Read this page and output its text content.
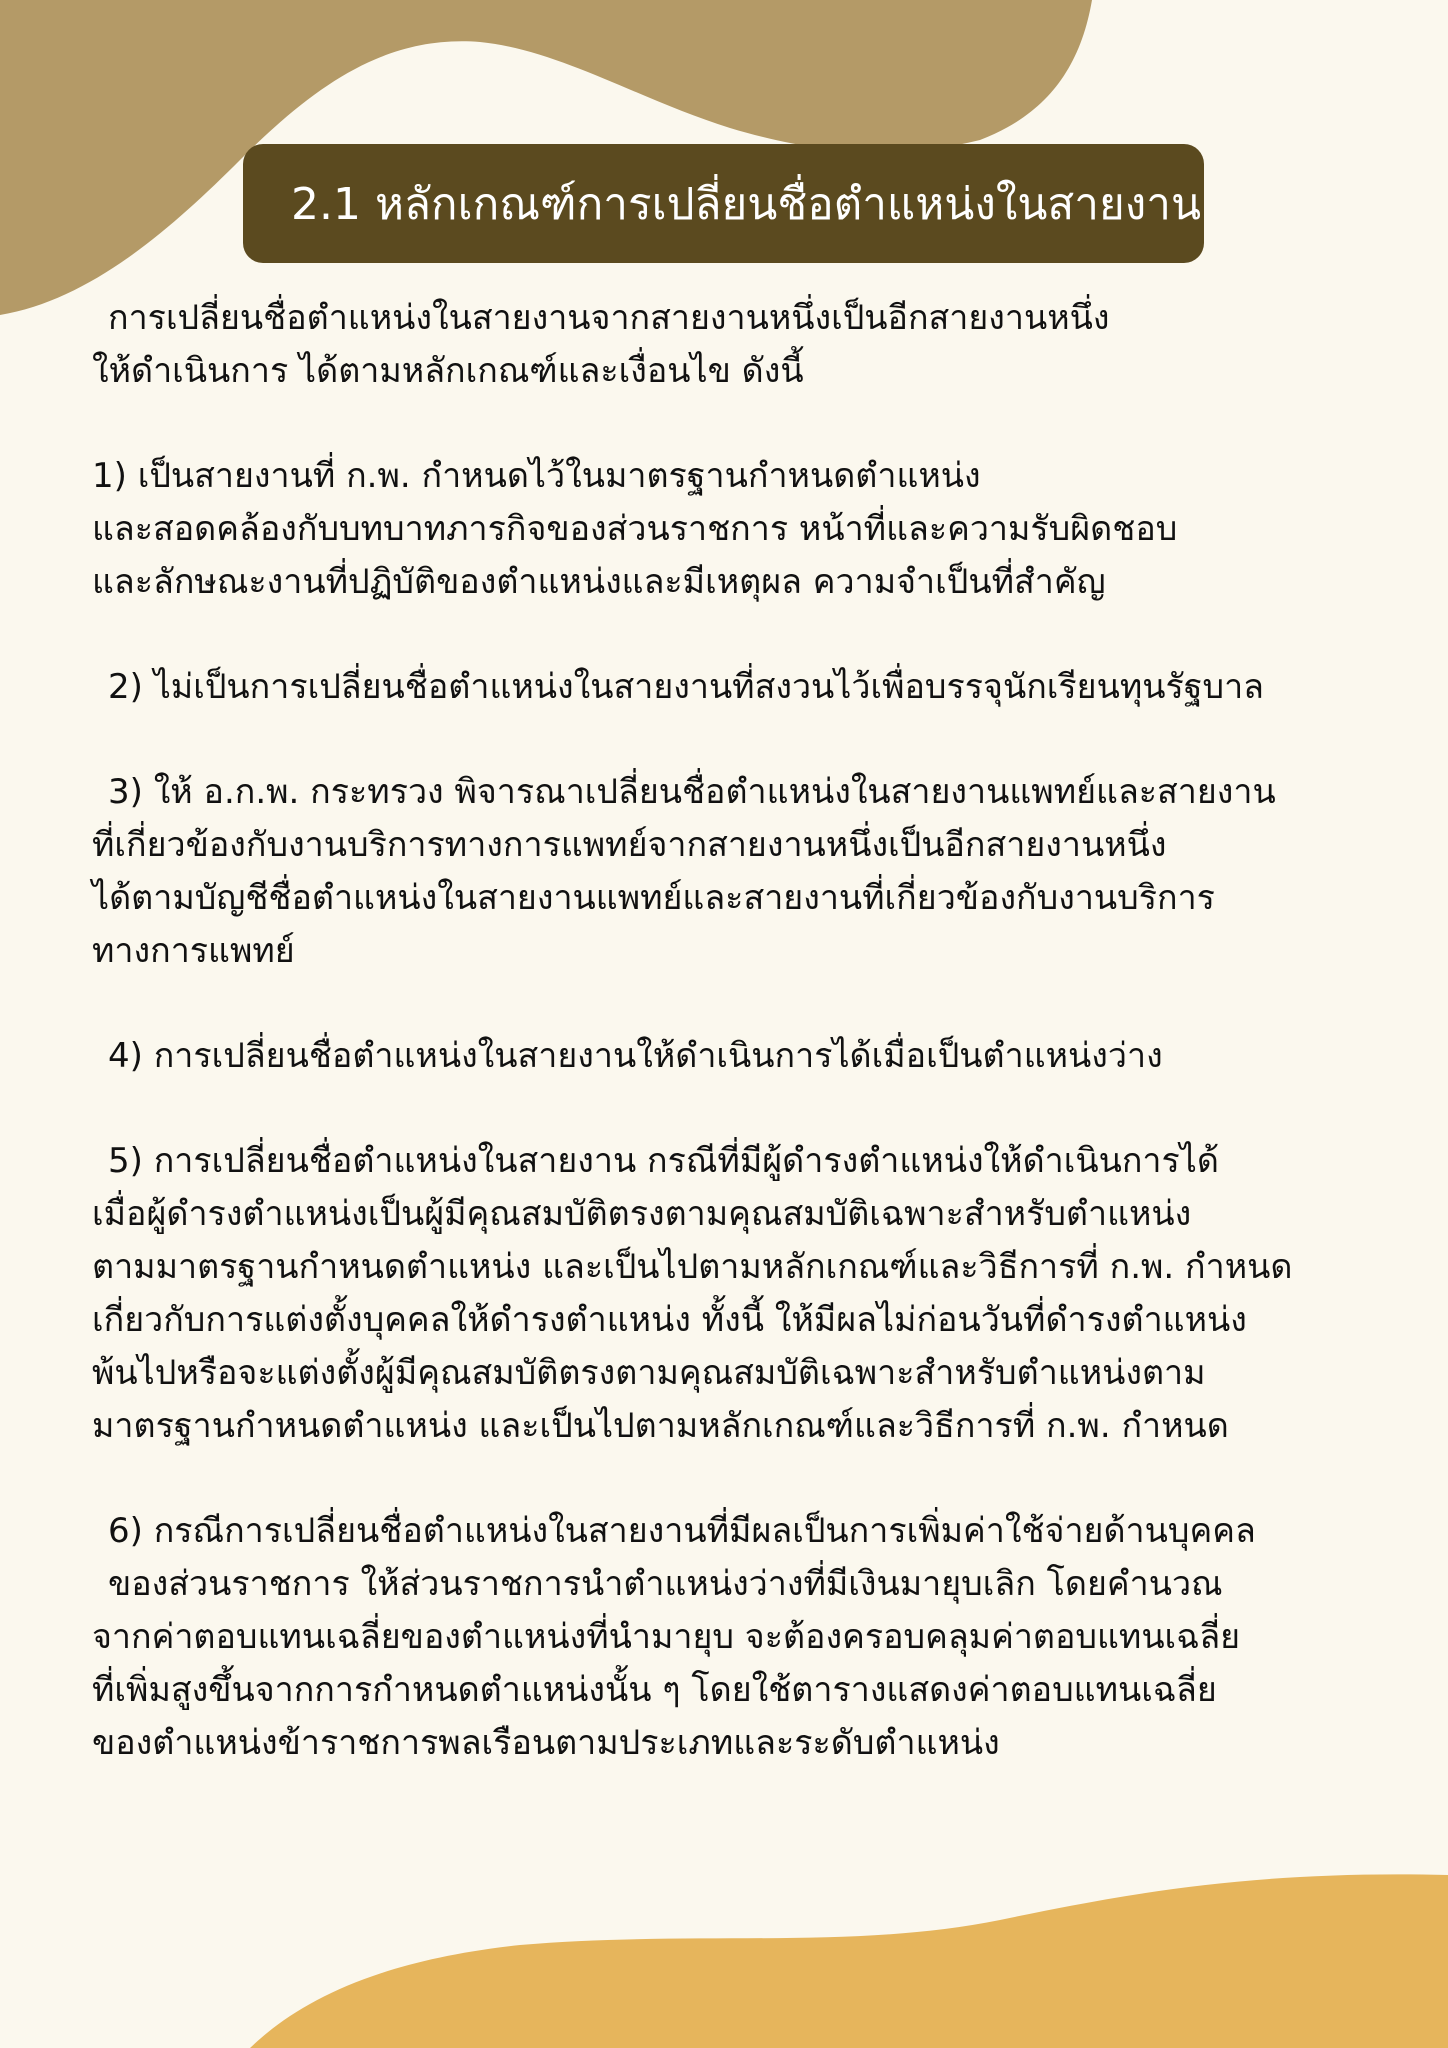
2.1 หลักเกณฑ์การเปลี่ยนชื่อตำแหน่งในสายงาน

การเปลี่ยนชื่อตำแหน่งในสายงานจากสายงานหนึ่งเป็นอีกสายงานหนึ่ง
ให้ดำเนินการ ได้ตามหลักเกณฑ์และเงื่อนไข ดังนี้

1) เป็นสายงานที่ ก.พ. กำหนดไว้ในมาตรฐานกำหนดตำแหน่ง
และสอดคล้องกับบทบาทภารกิจของส่วนราชการ หน้าที่และความรับผิดชอบ
และลักษณะงานที่ปฏิบัติของตำแหน่งและมีเหตุผล ความจำเป็นที่สำคัญ

2) ไม่เป็นการเปลี่ยนชื่อตำแหน่งในสายงานที่สงวนไว้เพื่อบรรจุนักเรียนทุนรัฐบาล

3) ให้ อ.ก.พ. กระทรวง พิจารณาเปลี่ยนชื่อตำแหน่งในสายงานแพทย์และสายงาน
ที่เกี่ยวข้องกับงานบริการทางการแพทย์จากสายงานหนึ่งเป็นอีกสายงานหนึ่ง
ได้ตามบัญชีชื่อตำแหน่งในสายงานแพทย์และสายงานที่เกี่ยวข้องกับงานบริการ
ทางการแพทย์

4) การเปลี่ยนชื่อตำแหน่งในสายงานให้ดำเนินการได้เมื่อเป็นตำแหน่งว่าง

5) การเปลี่ยนชื่อตำแหน่งในสายงาน กรณีที่มีผู้ดำรงตำแหน่งให้ดำเนินการได้
เมื่อผู้ดำรงตำแหน่งเป็นผู้มีคุณสมบัติตรงตามคุณสมบัติเฉพาะสำหรับตำแหน่ง
ตามมาตรฐานกำหนดตำแหน่ง และเป็นไปตามหลักเกณฑ์และวิธีการที่ ก.พ. กำหนด
เกี่ยวกับการแต่งตั้งบุคคลให้ดำรงตำแหน่ง ทั้งนี้ ให้มีผลไม่ก่อนวันที่ดำรงตำแหน่ง
พ้นไปหรือจะแต่งตั้งผู้มีคุณสมบัติตรงตามคุณสมบัติเฉพาะสำหรับตำแหน่งตาม
มาตรฐานกำหนดตำแหน่ง และเป็นไปตามหลักเกณฑ์และวิธีการที่ ก.พ. กำหนด

6) กรณีการเปลี่ยนชื่อตำแหน่งในสายงานที่มีผลเป็นการเพิ่มค่าใช้จ่ายด้านบุคคล
ของส่วนราชการ ให้ส่วนราชการนำตำแหน่งว่างที่มีเงินมายุบเลิก โดยคำนวณ
จากค่าตอบแทนเฉลี่ยของตำแหน่งที่นำมายุบ จะต้องครอบคลุมค่าตอบแทนเฉลี่ย
ที่เพิ่มสูงขึ้นจากการกำหนดตำแหน่งนั้น ๆ โดยใช้ตารางแสดงค่าตอบแทนเฉลี่ย
ของตำแหน่งข้าราชการพลเรือนตามประเภทและระดับตำแหน่ง
